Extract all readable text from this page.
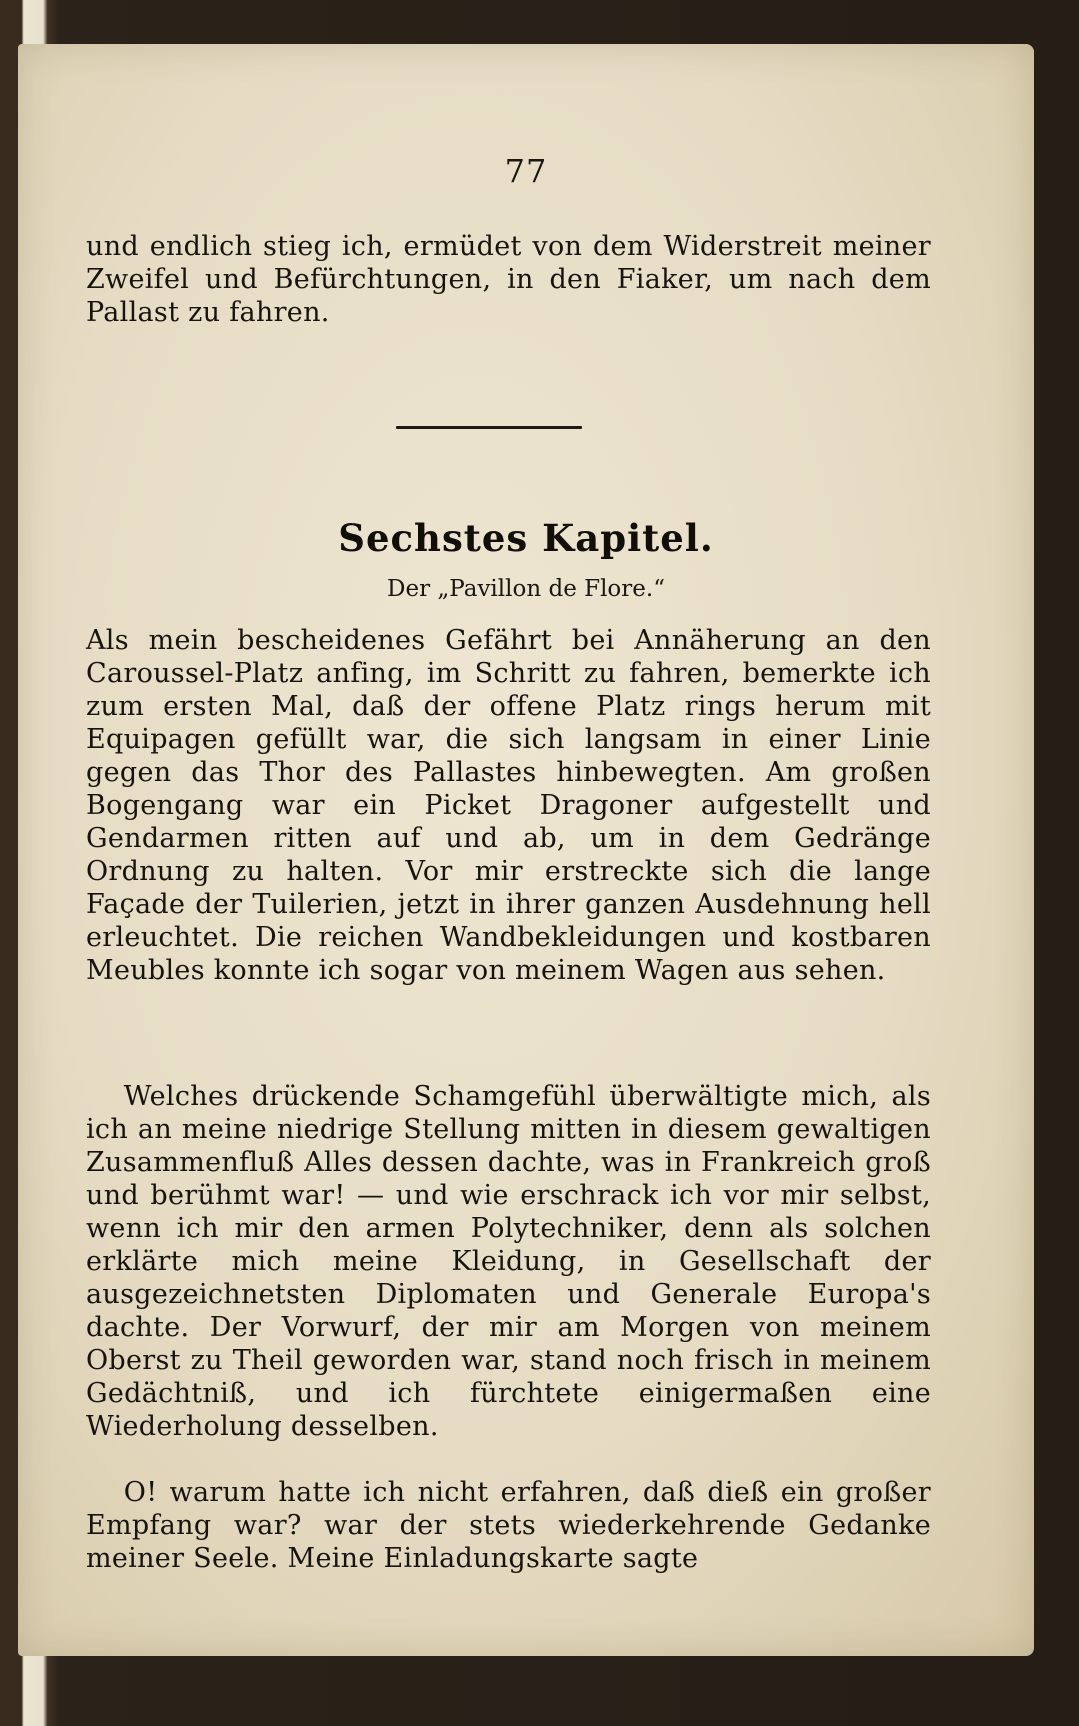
77

und endlich stieg ich, ermüdet von dem Widerstreit meiner Zweifel und Befürchtungen, in den Fiaker, um nach dem Pallast zu fahren.

Sechstes Kapitel.
Der „Pavillon de Flore.“

Als mein bescheidenes Gefährt bei Annäherung an den Caroussel-Platz anfing, im Schritt zu fahren, bemerkte ich zum ersten Mal, daß der offene Platz rings herum mit Equipagen gefüllt war, die sich langsam in einer Linie gegen das Thor des Pallastes hinbewegten. Am großen Bogengang war ein Picket Dragoner aufgestellt und Gendarmen ritten auf und ab, um in dem Gedränge Ordnung zu halten. Vor mir erstreckte sich die lange Façade der Tuilerien, jetzt in ihrer ganzen Ausdehnung hell erleuchtet. Die reichen Wandbekleidungen und kostbaren Meubles konnte ich sogar von meinem Wagen aus sehen.

Welches drückende Schamgefühl überwältigte mich, als ich an meine niedrige Stellung mitten in diesem gewaltigen Zusammenfluß Alles dessen dachte, was in Frankreich groß und berühmt war! — und wie erschrack ich vor mir selbst, wenn ich mir den armen Polytechniker, denn als solchen erklärte mich meine Kleidung, in Gesellschaft der ausgezeichnetsten Diplomaten und Generale Europa's dachte. Der Vorwurf, der mir am Morgen von meinem Oberst zu Theil geworden war, stand noch frisch in meinem Gedächtniß, und ich fürchtete einigermaßen eine Wiederholung desselben.

O! warum hatte ich nicht erfahren, daß dieß ein großer Empfang war? war der stets wiederkehrende Gedanke meiner Seele. Meine Einladungskarte sagte
